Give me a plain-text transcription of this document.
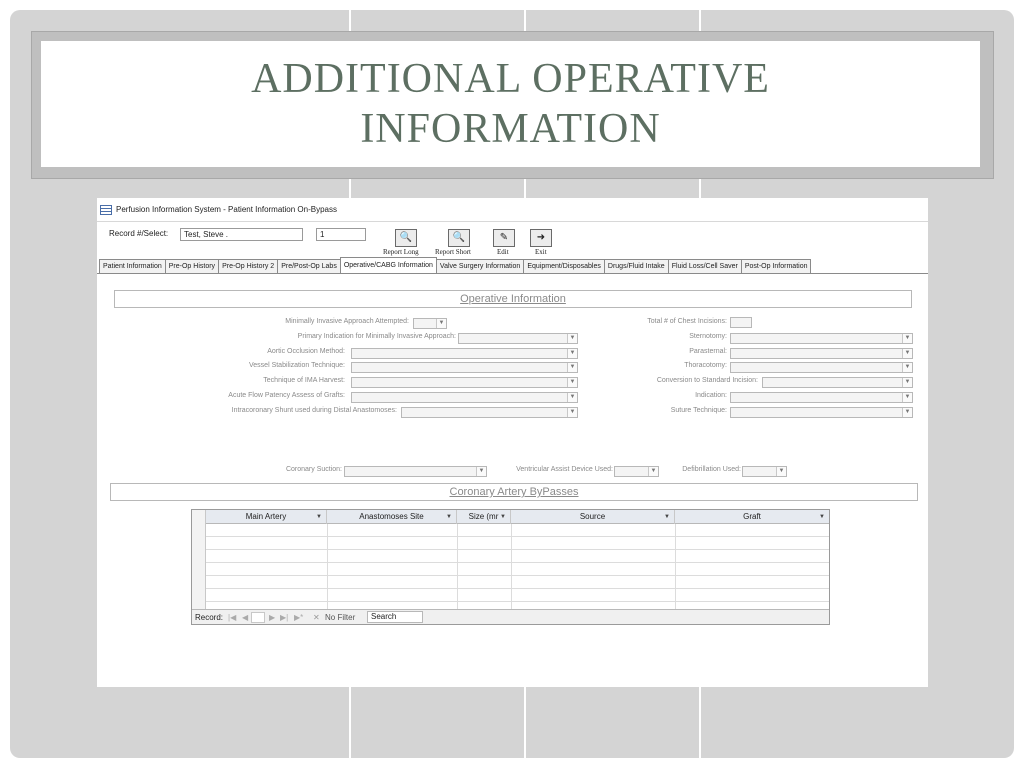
ADDITIONAL OPERATIVE
INFORMATION
Perfusion Information System - Patient Information On-Bypass
Record #/Select:	Test, Steve .	1	🔍
Report Long
🔍
Report Short
✎
Edit
➜
Exit
Patient Information	Pre-Op History	Pre-Op History 2	Pre/Post-Op Labs	Operative/CABG Information	Valve Surgery Information	Equipment/Disposables	Drugs/Fluid Intake	Fluid Loss/Cell Saver	Post-Op Information
Operative Information
Minimally Invasive Approach Attempted:	▼
Primary Indication for Minimally Invasive Approach:	▼
Aortic Occlusion Method:	▼
Vessel Stabilization Technique:	▼
Technique of IMA Harvest:	▼
Acute Flow Patency Assess of Grafts:	▼
Intracoronary Shunt used during Distal Anastomoses:	▼
Total # of Chest Incisions:
Sternotomy:	▼
Parasternal:	▼
Thoracotomy:	▼
Conversion to Standard Incision:	▼
Indication:	▼
Suture Technique:	▼
Coronary Suction:	▼	Ventricular Assist Device Used:	▼	Defibrillation Used:	▼
Coronary Artery ByPasses
Main Artery	▼	Anastomoses Site	▼	Size (mr ▼	Source	▼	Graft	▼
Record: |◀ ◀	▶ ▶| ▶* ✕ No Filter	Search
